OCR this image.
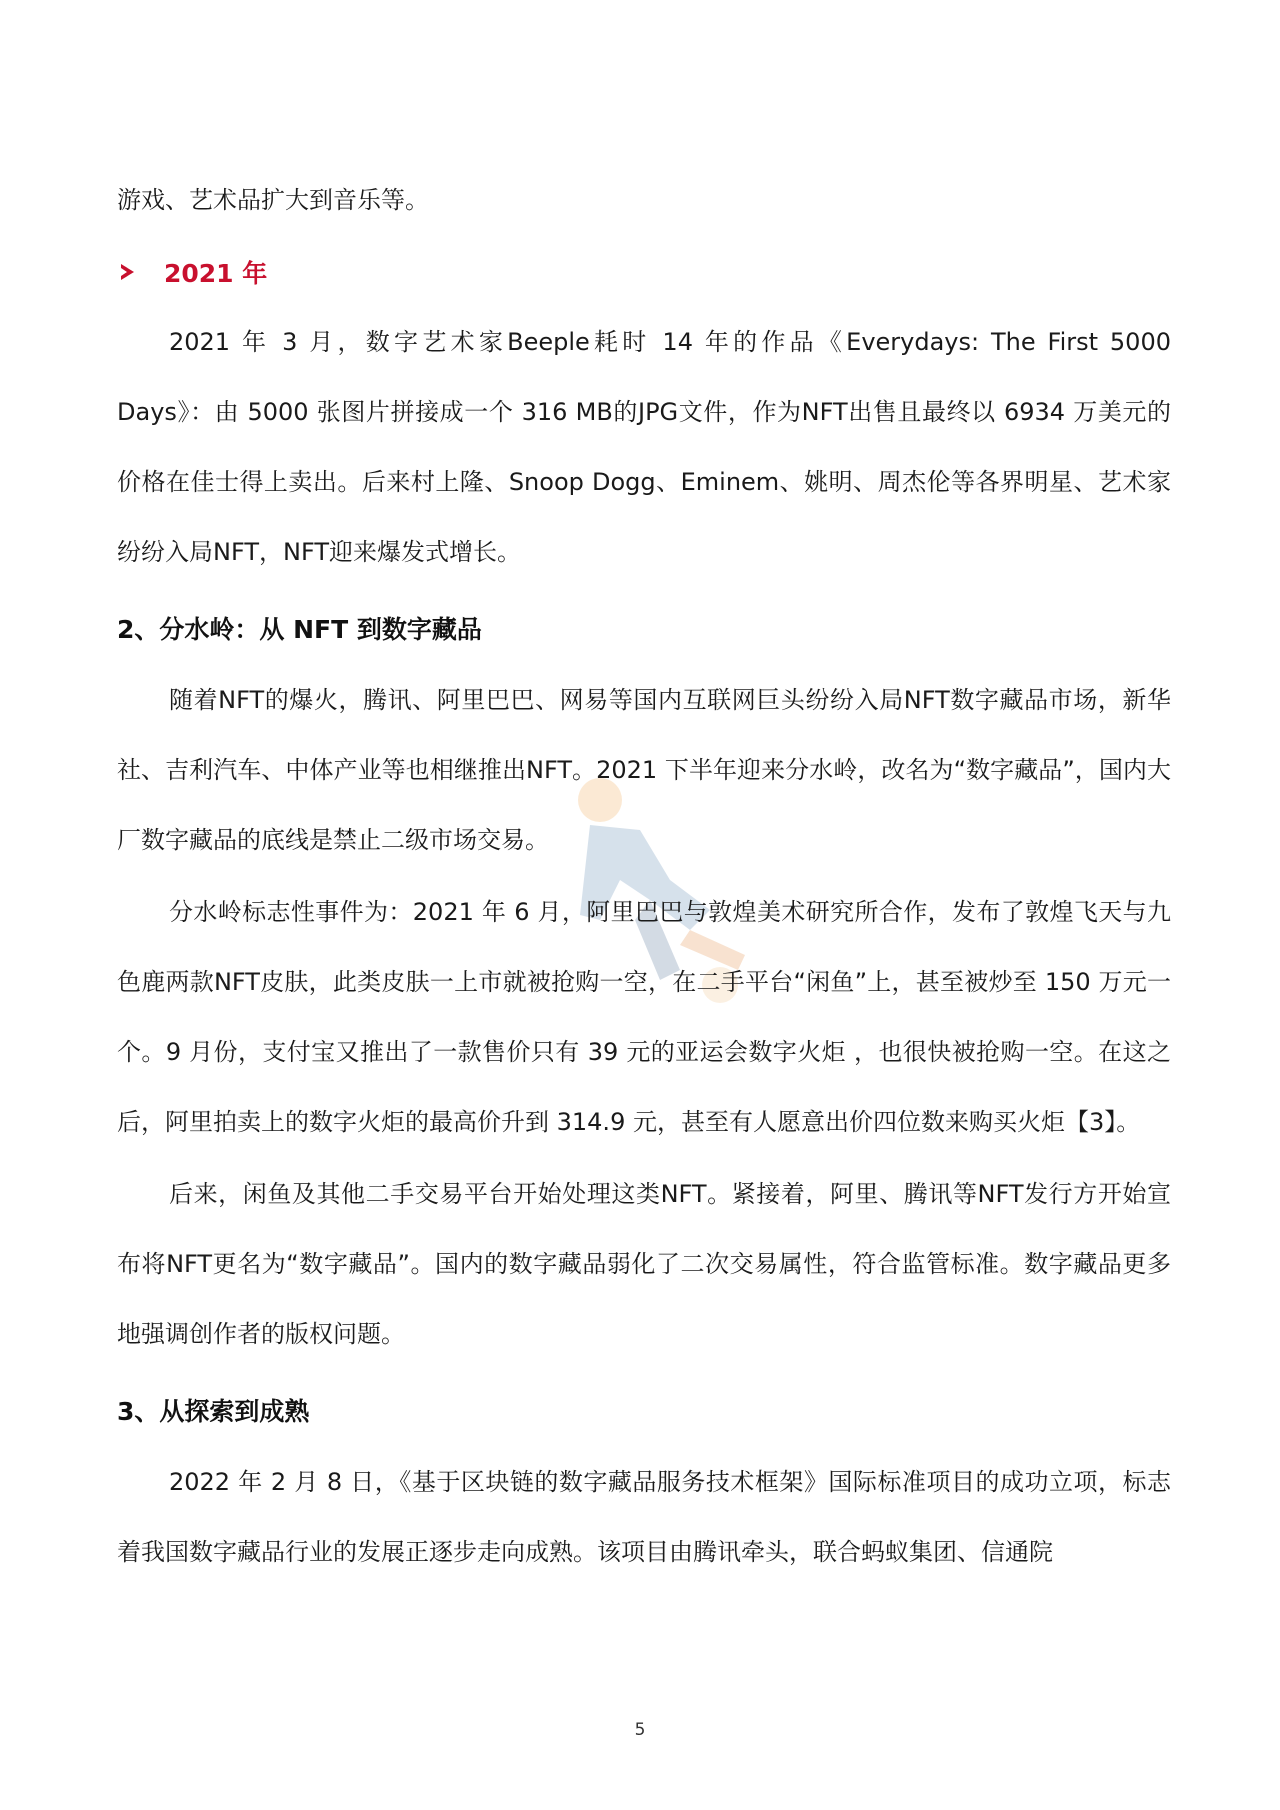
游戏、艺术品扩大到音乐等。

2021 年

2021 年 3 月，数字艺术家Beeple耗时 14 年的作品《Everydays: The First 5000 Days》：由 5000 张图片拼接成一个 316 MB的JPG文件，作为NFT出售且最终以 6934 万美元的价格在佳士得上卖出。后来村上隆、Snoop Dogg、Eminem、姚明、周杰伦等各界明星、艺术家纷纷入局NFT，NFT迎来爆发式增长。

2、分水岭：从 NFT 到数字藏品

随着NFT的爆火，腾讯、阿里巴巴、网易等国内互联网巨头纷纷入局NFT数字藏品市场，新华社、吉利汽车、中体产业等也相继推出NFT。2021 下半年迎来分水岭，改名为“数字藏品”，国内大厂数字藏品的底线是禁止二级市场交易。

分水岭标志性事件为：2021 年 6 月，阿里巴巴与敦煌美术研究所合作，发布了敦煌飞天与九色鹿两款NFT皮肤，此类皮肤一上市就被抢购一空，在二手平台“闲鱼”上，甚至被炒至 150 万元一个。9 月份，支付宝又推出了一款售价只有 39 元的亚运会数字火炬 ，也很快被抢购一空。在这之后，阿里拍卖上的数字火炬的最高价升到 314.9 元，甚至有人愿意出价四位数来购买火炬【3】。

后来，闲鱼及其他二手交易平台开始处理这类NFT。紧接着，阿里、腾讯等NFT发行方开始宣布将NFT更名为“数字藏品”。国内的数字藏品弱化了二次交易属性，符合监管标准。数字藏品更多地强调创作者的版权问题。

3、从探索到成熟

2022 年 2 月 8 日，《基于区块链的数字藏品服务技术框架》国际标准项目的成功立项，标志着我国数字藏品行业的发展正逐步走向成熟。该项目由腾讯牵头，联合蚂蚁集团、信通院

5
